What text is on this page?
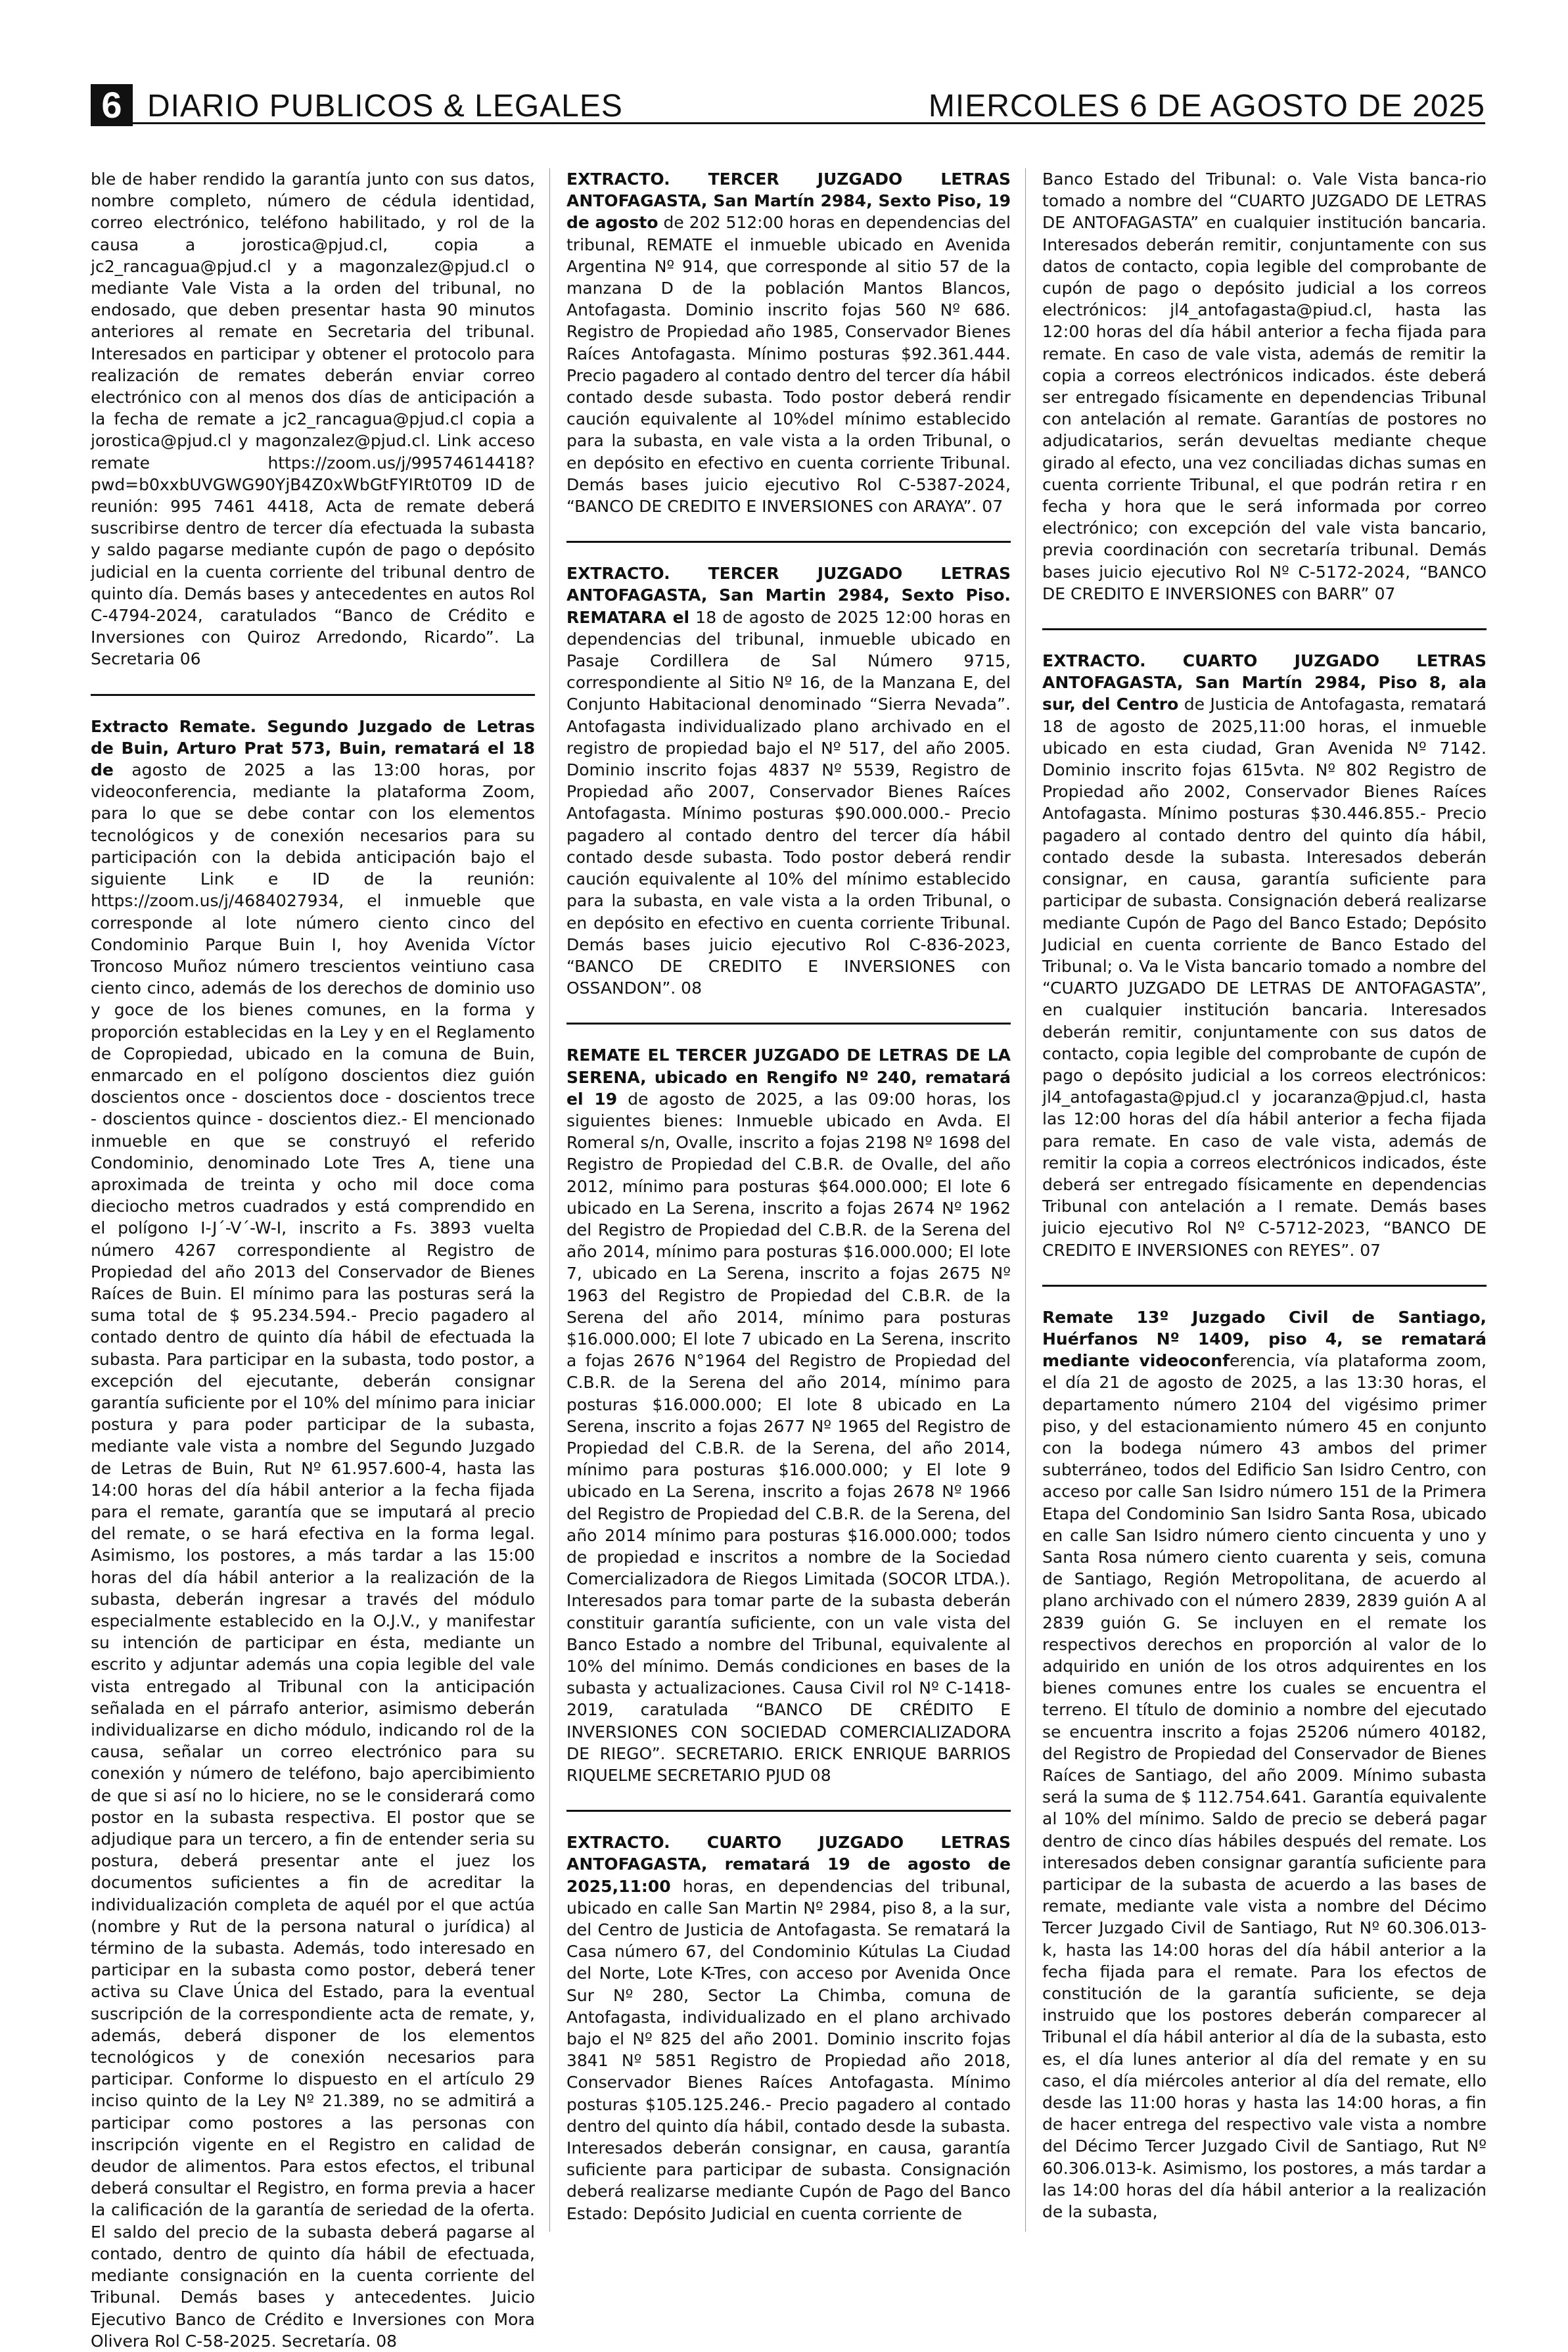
6 DIARIO PUBLICOS & LEGALES	MIERCOLES 6 DE AGOSTO DE 2025
ble de haber rendido la garantía junto con sus datos, nombre completo, número de cédula identidad, correo electrónico, teléfono habilitado, y rol de la causa a jorostica@pjud.cl, copia a jc2_rancagua@pjud.cl y a magonzalez@pjud.cl o mediante Vale Vista a la orden del tribunal, no endosado, que deben presentar hasta 90 minutos anteriores al remate en Secretaria del tribunal. Interesados en participar y obtener el protocolo para realización de remates deberán enviar correo electrónico con al menos dos días de anticipación a la fecha de remate a jc2_rancagua@pjud.cl copia a jorostica@pjud.cl y magonzalez@pjud.cl. Link acceso remate https://zoom.us/j/99574614418?pwd=b0xxbUVGWG90YjB4Z0xWbGtFYIRt0T09 ID de reunión: 995 7461 4418, Acta de remate deberá suscribirse dentro de tercer día efectuada la subasta y saldo pagarse mediante cupón de pago o depósito judicial en la cuenta corriente del tribunal dentro de quinto día. Demás bases y antecedentes en autos Rol C-4794-2024, caratulados “Banco de Crédito e Inversiones con Quiroz Arredondo, Ricardo”. La Secretaria 06
Extracto Remate. Segundo Juzgado de Letras de Buin, Arturo Prat 573, Buin, rematará el 18 de agosto de 2025 a las 13:00 horas, por videoconferencia, mediante la plataforma Zoom, para lo que se debe contar con los elementos tecnológicos y de conexión necesarios para su participación con la debida anticipación bajo el siguiente Link e ID de la reunión: https://zoom.us/j/4684027934, el inmueble que corresponde al lote número ciento cinco del Condominio Parque Buin I, hoy Avenida Víctor Troncoso Muñoz número trescientos veintiuno casa ciento cinco, además de los derechos de dominio uso y goce de los bienes comunes, en la forma y proporción establecidas en la Ley y en el Reglamento de Copropiedad, ubicado en la comuna de Buin, enmarcado en el polígono doscientos diez guión doscientos once - doscientos doce - doscientos trece - doscientos quince - doscientos diez.- El mencionado inmueble en que se construyó el referido Condominio, denominado Lote Tres A, tiene una aproximada de treinta y ocho mil doce coma dieciocho metros cuadrados y está comprendido en el polígono I-J´-V´-W-I, inscrito a Fs. 3893 vuelta número 4267 correspondiente al Registro de Propiedad del año 2013 del Conservador de Bienes Raíces de Buin. El mínimo para las posturas será la suma total de $ 95.234.594.- Precio pagadero al contado dentro de quinto día hábil de efectuada la subasta. Para participar en la subasta, todo postor, a excepción del ejecutante, deberán consignar garantía suficiente por el 10% del mínimo para iniciar postura y para poder participar de la subasta, mediante vale vista a nombre del Segundo Juzgado de Letras de Buin, Rut Nº 61.957.600-4, hasta las 14:00 horas del día hábil anterior a la fecha fijada para el remate, garantía que se imputará al precio del remate, o se hará efectiva en la forma legal. Asimismo, los postores, a más tardar a las 15:00 horas del día hábil anterior a la realización de la subasta, deberán ingresar a través del módulo especialmente establecido en la O.J.V., y manifestar su intención de participar en ésta, mediante un escrito y adjuntar además una copia legible del vale vista entregado al Tribunal con la anticipación señalada en el párrafo anterior, asimismo deberán individualizarse en dicho módulo, indicando rol de la causa, señalar un correo electrónico para su conexión y número de teléfono, bajo apercibimiento de que si así no lo hiciere, no se le considerará como postor en la subasta respectiva. El postor que se adjudique para un tercero, a fin de entender seria su postura, deberá presentar ante el juez los documentos suficientes a fin de acreditar la individualización completa de aquél por el que actúa (nombre y Rut de la persona natural o jurídica) al término de la subasta. Además, todo interesado en participar en la subasta como postor, deberá tener activa su Clave Única del Estado, para la eventual suscripción de la correspondiente acta de remate, y, además, deberá disponer de los elementos tecnológicos y de conexión necesarios para participar. Conforme lo dispuesto en el artículo 29 inciso quinto de la Ley Nº 21.389, no se admitirá a participar como postores a las personas con inscripción vigente en el Registro en calidad de deudor de alimentos. Para estos efectos, el tribunal deberá consultar el Registro, en forma previa a hacer la calificación de la garantía de seriedad de la oferta. El saldo del precio de la subasta deberá pagarse al contado, dentro de quinto día hábil de efectuada, mediante consignación en la cuenta corriente del Tribunal. Demás bases y antecedentes. Juicio Ejecutivo Banco de Crédito e Inversiones con Mora Olivera Rol C-58-2025. Secretaría. 08
EXTRACTO. TERCER JUZGADO LETRAS ANTOFAGASTA, San Martín 2984, Sexto Piso, 19 de agosto de 202 512:00 horas en dependencias del tribunal, REMATE el inmueble ubicado en Avenida Argentina Nº 914, que corresponde al sitio 57 de la manzana D de la población Mantos Blancos, Antofagasta. Dominio inscrito fojas 560 Nº 686. Registro de Propiedad año 1985, Conservador Bienes Raíces Antofagasta. Mínimo posturas $92.361.444. Precio pagadero al contado dentro del tercer día hábil contado desde subasta. Todo postor deberá rendir caución equivalente al 10%del mínimo establecido para la subasta, en vale vista a la orden Tribunal, o en depósito en efectivo en cuenta corriente Tribunal. Demás bases juicio ejecutivo Rol C-5387-2024, “BANCO DE CREDITO E INVERSIONES con ARAYA”. 07
EXTRACTO. TERCER JUZGADO LETRAS ANTOFAGASTA, San Martin 2984, Sexto Piso. REMATARA el 18 de agosto de 2025 12:00 horas en dependencias del tribunal, inmueble ubicado en Pasaje Cordillera de Sal Número 9715, correspondiente al Sitio Nº 16, de la Manzana E, del Conjunto Habitacional denominado “Sierra Nevada”. Antofagasta individualizado plano archivado en el registro de propiedad bajo el Nº 517, del año 2005. Dominio inscrito fojas 4837 Nº 5539, Registro de Propiedad año 2007, Conservador Bienes Raíces Antofagasta. Mínimo posturas $90.000.000.- Precio pagadero al contado dentro del tercer día hábil contado desde subasta. Todo postor deberá rendir caución equivalente al 10% del mínimo establecido para la subasta, en vale vista a la orden Tribunal, o en depósito en efectivo en cuenta corriente Tribunal. Demás bases juicio ejecutivo Rol C-836-2023, “BANCO DE CREDITO E INVERSIONES con OSSANDON”. 08
REMATE EL TERCER JUZGADO DE LETRAS DE LA SERENA, ubicado en Rengifo Nº 240, rematará el 19 de agosto de 2025, a las 09:00 horas, los siguientes bienes: Inmueble ubicado en Avda. El Romeral s/n, Ovalle, inscrito a fojas 2198 Nº 1698 del Registro de Propiedad del C.B.R. de Ovalle, del año 2012, mínimo para posturas $64.000.000; El lote 6 ubicado en La Serena, inscrito a fojas 2674 Nº 1962 del Registro de Propiedad del C.B.R. de la Serena del año 2014, mínimo para posturas $16.000.000; El lote 7, ubicado en La Serena, inscrito a fojas 2675 Nº 1963 del Registro de Propiedad del C.B.R. de la Serena del año 2014, mínimo para posturas $16.000.000; El lote 7 ubicado en La Serena, inscrito a fojas 2676 N°1964 del Registro de Propiedad del C.B.R. de la Serena del año 2014, mínimo para posturas $16.000.000; El lote 8 ubicado en La Serena, inscrito a fojas 2677 Nº 1965 del Registro de Propiedad del C.B.R. de la Serena, del año 2014, mínimo para posturas $16.000.000; y El lote 9 ubicado en La Serena, inscrito a fojas 2678 Nº 1966 del Registro de Propiedad del C.B.R. de la Serena, del año 2014 mínimo para posturas $16.000.000; todos de propiedad e inscritos a nombre de la Sociedad Comercializadora de Riegos Limitada (SOCOR LTDA.). Interesados para tomar parte de la subasta deberán constituir garantía suficiente, con un vale vista del Banco Estado a nombre del Tribunal, equivalente al 10% del mínimo. Demás condiciones en bases de la subasta y actualizaciones. Causa Civil rol Nº C-1418- 2019, caratulada “BANCO DE CRÉDITO E INVERSIONES CON SOCIEDAD COMERCIALIZADORA DE RIEGO”. SECRETARIO. ERICK ENRIQUE BARRIOS RIQUELME SECRETARIO PJUD 08
EXTRACTO. CUARTO JUZGADO LETRAS ANTOFAGASTA, rematará 19 de agosto de 2025,11:00 horas, en dependencias del tribunal, ubicado en calle San Martin Nº 2984, piso 8, a la sur, del Centro de Justicia de Antofagasta. Se rematará la Casa número 67, del Condominio Kútulas La Ciudad del Norte, Lote K-Tres, con acceso por Avenida Once Sur Nº 280, Sector La Chimba, comuna de Antofagasta, individualizado en el plano archivado bajo el Nº 825 del año 2001. Dominio inscrito fojas 3841 Nº 5851 Registro de Propiedad año 2018, Conservador Bienes Raíces Antofagasta. Mínimo posturas $105.125.246.- Precio pagadero al contado dentro del quinto día hábil, contado desde la subasta. Interesados deberán consignar, en causa, garantía suficiente para participar de subasta. Consignación deberá realizarse mediante Cupón de Pago del Banco Estado: Depósito Judicial en cuenta corriente de
Banco Estado del Tribunal: o. Vale Vista banca-rio tomado a nombre del “CUARTO JUZGADO DE LETRAS DE ANTOFAGASTA” en cualquier institución bancaria. Interesados deberán remitir, conjuntamente con sus datos de contacto, copia legible del comprobante de cupón de pago o depósito judicial a los correos electrónicos: jl4_antofagasta@piud.cl, hasta las 12:00 horas del día hábil anterior a fecha fijada para remate. En caso de vale vista, además de remitir la copia a correos electrónicos indicados. éste deberá ser entregado físicamente en dependencias Tribunal con antelación al remate. Garantías de postores no adjudicatarios, serán devueltas mediante cheque girado al efecto, una vez conciliadas dichas sumas en cuenta corriente Tribunal, el que podrán retira r en fecha y hora que le será informada por correo electrónico; con excepción del vale vista bancario, previa coordinación con secretaría tribunal. Demás bases juicio ejecutivo Rol Nº C-5172-2024, “BANCO DE CREDITO E INVERSIONES con BARR” 07
EXTRACTO. CUARTO JUZGADO LETRAS ANTOFAGASTA, San Martín 2984, Piso 8, ala sur, del Centro de Justicia de Antofagasta, rematará 18 de agosto de 2025,11:00 horas, el inmueble ubicado en esta ciudad, Gran Avenida Nº 7142. Dominio inscrito fojas 615vta. Nº 802 Registro de Propiedad año 2002, Conservador Bienes Raíces Antofagasta. Mínimo posturas $30.446.855.- Precio pagadero al contado dentro del quinto día hábil, contado desde la subasta. Interesados deberán consignar, en causa, garantía suficiente para participar de subasta. Consignación deberá realizarse mediante Cupón de Pago del Banco Estado; Depósito Judicial en cuenta corriente de Banco Estado del Tribunal; o. Va le Vista bancario tomado a nombre del “CUARTO JUZGADO DE LETRAS DE ANTOFAGASTA”, en cualquier institución bancaria. Interesados deberán remitir, conjuntamente con sus datos de contacto, copia legible del comprobante de cupón de pago o depósito judicial a los correos electrónicos: jl4_antofagasta@pjud.cl y jocaranza@pjud.cl, hasta las 12:00 horas del día hábil anterior a fecha fijada para remate. En caso de vale vista, además de remitir la copia a correos electrónicos indicados, éste deberá ser entregado físicamente en dependencias Tribunal con antelación a I remate. Demás bases juicio ejecutivo Rol Nº C-5712-2023, “BANCO DE CREDITO E INVERSIONES con REYES”. 07
Remate 13º Juzgado Civil de Santiago, Huérfanos Nº 1409, piso 4, se rematará mediante videoconferencia, vía plataforma zoom, el día 21 de agosto de 2025, a las 13:30 horas, el departamento número 2104 del vigésimo primer piso, y del estacionamiento número 45 en conjunto con la bodega número 43 ambos del primer subterráneo, todos del Edificio San Isidro Centro, con acceso por calle San Isidro número 151 de la Primera Etapa del Condominio San Isidro Santa Rosa, ubicado en calle San Isidro número ciento cincuenta y uno y Santa Rosa número ciento cuarenta y seis, comuna de Santiago, Región Metropolitana, de acuerdo al plano archivado con el número 2839, 2839 guión A al 2839 guión G. Se incluyen en el remate los respectivos derechos en proporción al valor de lo adquirido en unión de los otros adquirentes en los bienes comunes entre los cuales se encuentra el terreno. El título de dominio a nombre del ejecutado se encuentra inscrito a fojas 25206 número 40182, del Registro de Propiedad del Conservador de Bienes Raíces de Santiago, del año 2009. Mínimo subasta será la suma de $ 112.754.641. Garantía equivalente al 10% del mínimo. Saldo de precio se deberá pagar dentro de cinco días hábiles después del remate. Los interesados deben consignar garantía suficiente para participar de la subasta de acuerdo a las bases de remate, mediante vale vista a nombre del Décimo Tercer Juzgado Civil de Santiago, Rut Nº 60.306.013-k, hasta las 14:00 horas del día hábil anterior a la fecha fijada para el remate. Para los efectos de constitución de la garantía suficiente, se deja instruido que los postores deberán comparecer al Tribunal el día hábil anterior al día de la subasta, esto es, el día lunes anterior al día del remate y en su caso, el día miércoles anterior al día del remate, ello desde las 11:00 horas y hasta las 14:00 horas, a fin de hacer entrega del respectivo vale vista a nombre del Décimo Tercer Juzgado Civil de Santiago, Rut Nº 60.306.013-k. Asimismo, los postores, a más tardar a las 14:00 horas del día hábil anterior a la realización de la subasta,
